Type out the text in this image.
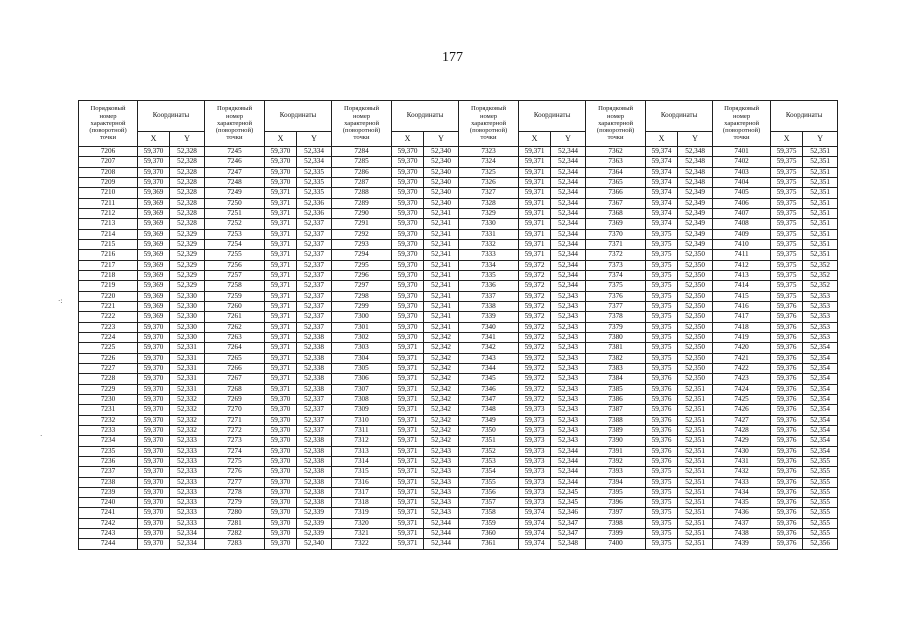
177
·:
·
Порядковый
номер
характерной
(поворотной)
точки	Координаты		Порядковый
номер
характерной
(поворотной)
точки	Координаты		Порядковый
номер
характерной
(поворотной)
точки	Координаты		Порядковый
номер
характерной
(поворотной)
точки	Координаты		Порядковый
номер
характерной
(поворотной)
точки	Координаты		Порядковый
номер
характерной
(поворотной)
точки	Координаты	
	X	Y		X	Y		X	Y		X	Y		X	Y		X	Y
7206	59,370	52,328	7245	59,370	52,334	7284	59,370	52,340	7323	59,371	52,344	7362	59,374	52,348	7401	59,375	52,351
7207	59,370	52,328	7246	59,370	52,334	7285	59,370	52,340	7324	59,371	52,344	7363	59,374	52,348	7402	59,375	52,351
7208	59,370	52,328	7247	59,370	52,335	7286	59,370	52,340	7325	59,371	52,344	7364	59,374	52,348	7403	59,375	52,351
7209	59,370	52,328	7248	59,370	52,335	7287	59,370	52,340	7326	59,371	52,344	7365	59,374	52,348	7404	59,375	52,351
7210	59,369	52,328	7249	59,371	52,335	7288	59,370	52,340	7327	59,371	52,344	7366	59,374	52,349	7405	59,375	52,351
7211	59,369	52,328	7250	59,371	52,336	7289	59,370	52,340	7328	59,371	52,344	7367	59,374	52,349	7406	59,375	52,351
7212	59,369	52,328	7251	59,371	52,336	7290	59,370	52,341	7329	59,371	52,344	7368	59,374	52,349	7407	59,375	52,351
7213	59,369	52,328	7252	59,371	52,337	7291	59,370	52,341	7330	59,371	52,344	7369	59,374	52,349	7408	59,375	52,351
7214	59,369	52,329	7253	59,371	52,337	7292	59,370	52,341	7331	59,371	52,344	7370	59,375	52,349	7409	59,375	52,351
7215	59,369	52,329	7254	59,371	52,337	7293	59,370	52,341	7332	59,371	52,344	7371	59,375	52,349	7410	59,375	52,351
7216	59,369	52,329	7255	59,371	52,337	7294	59,370	52,341	7333	59,371	52,344	7372	59,375	52,350	7411	59,375	52,351
7217	59,369	52,329	7256	59,371	52,337	7295	59,370	52,341	7334	59,372	52,344	7373	59,375	52,350	7412	59,375	52,352
7218	59,369	52,329	7257	59,371	52,337	7296	59,370	52,341	7335	59,372	52,344	7374	59,375	52,350	7413	59,375	52,352
7219	59,369	52,329	7258	59,371	52,337	7297	59,370	52,341	7336	59,372	52,344	7375	59,375	52,350	7414	59,375	52,352
7220	59,369	52,330	7259	59,371	52,337	7298	59,370	52,341	7337	59,372	52,343	7376	59,375	52,350	7415	59,375	52,353
7221	59,369	52,330	7260	59,371	52,337	7299	59,370	52,341	7338	59,372	52,343	7377	59,375	52,350	7416	59,376	52,353
7222	59,369	52,330	7261	59,371	52,337	7300	59,370	52,341	7339	59,372	52,343	7378	59,375	52,350	7417	59,376	52,353
7223	59,370	52,330	7262	59,371	52,337	7301	59,370	52,341	7340	59,372	52,343	7379	59,375	52,350	7418	59,376	52,353
7224	59,370	52,330	7263	59,371	52,338	7302	59,370	52,342	7341	59,372	52,343	7380	59,375	52,350	7419	59,376	52,353
7225	59,370	52,331	7264	59,371	52,338	7303	59,371	52,342	7342	59,372	52,343	7381	59,375	52,350	7420	59,376	52,354
7226	59,370	52,331	7265	59,371	52,338	7304	59,371	52,342	7343	59,372	52,343	7382	59,375	52,350	7421	59,376	52,354
7227	59,370	52,331	7266	59,371	52,338	7305	59,371	52,342	7344	59,372	52,343	7383	59,375	52,350	7422	59,376	52,354
7228	59,370	52,331	7267	59,371	52,338	7306	59,371	52,342	7345	59,372	52,343	7384	59,376	52,350	7423	59,376	52,354
7229	59,370	52,331	7268	59,371	52,338	7307	59,371	52,342	7346	59,372	52,343	7385	59,376	52,351	7424	59,376	52,354
7230	59,370	52,332	7269	59,370	52,337	7308	59,371	52,342	7347	59,372	52,343	7386	59,376	52,351	7425	59,376	52,354
7231	59,370	52,332	7270	59,370	52,337	7309	59,371	52,342	7348	59,373	52,343	7387	59,376	52,351	7426	59,376	52,354
7232	59,370	52,332	7271	59,370	52,337	7310	59,371	52,342	7349	59,373	52,343	7388	59,376	52,351	7427	59,376	52,354
7233	59,370	52,332	7272	59,370	52,337	7311	59,371	52,342	7350	59,373	52,343	7389	59,376	52,351	7428	59,376	52,354
7234	59,370	52,333	7273	59,370	52,338	7312	59,371	52,342	7351	59,373	52,343	7390	59,376	52,351	7429	59,376	52,354
7235	59,370	52,333	7274	59,370	52,338	7313	59,371	52,343	7352	59,373	52,344	7391	59,376	52,351	7430	59,376	52,354
7236	59,370	52,333	7275	59,370	52,338	7314	59,371	52,343	7353	59,373	52,344	7392	59,376	52,351	7431	59,376	52,355
7237	59,370	52,333	7276	59,370	52,338	7315	59,371	52,343	7354	59,373	52,344	7393	59,375	52,351	7432	59,376	52,355
7238	59,370	52,333	7277	59,370	52,338	7316	59,371	52,343	7355	59,373	52,344	7394	59,375	52,351	7433	59,376	52,355
7239	59,370	52,333	7278	59,370	52,338	7317	59,371	52,343	7356	59,373	52,345	7395	59,375	52,351	7434	59,376	52,355
7240	59,370	52,333	7279	59,370	52,338	7318	59,371	52,343	7357	59,373	52,345	7396	59,375	52,351	7435	59,376	52,355
7241	59,370	52,333	7280	59,370	52,339	7319	59,371	52,343	7358	59,374	52,346	7397	59,375	52,351	7436	59,376	52,355
7242	59,370	52,333	7281	59,370	52,339	7320	59,371	52,344	7359	59,374	52,347	7398	59,375	52,351	7437	59,376	52,355
7243	59,370	52,334	7282	59,370	52,339	7321	59,371	52,344	7360	59,374	52,347	7399	59,375	52,351	7438	59,376	52,355
7244	59,370	52,334	7283	59,370	52,340	7322	59,371	52,344	7361	59,374	52,348	7400	59,375	52,351	7439	59,376	52,356
